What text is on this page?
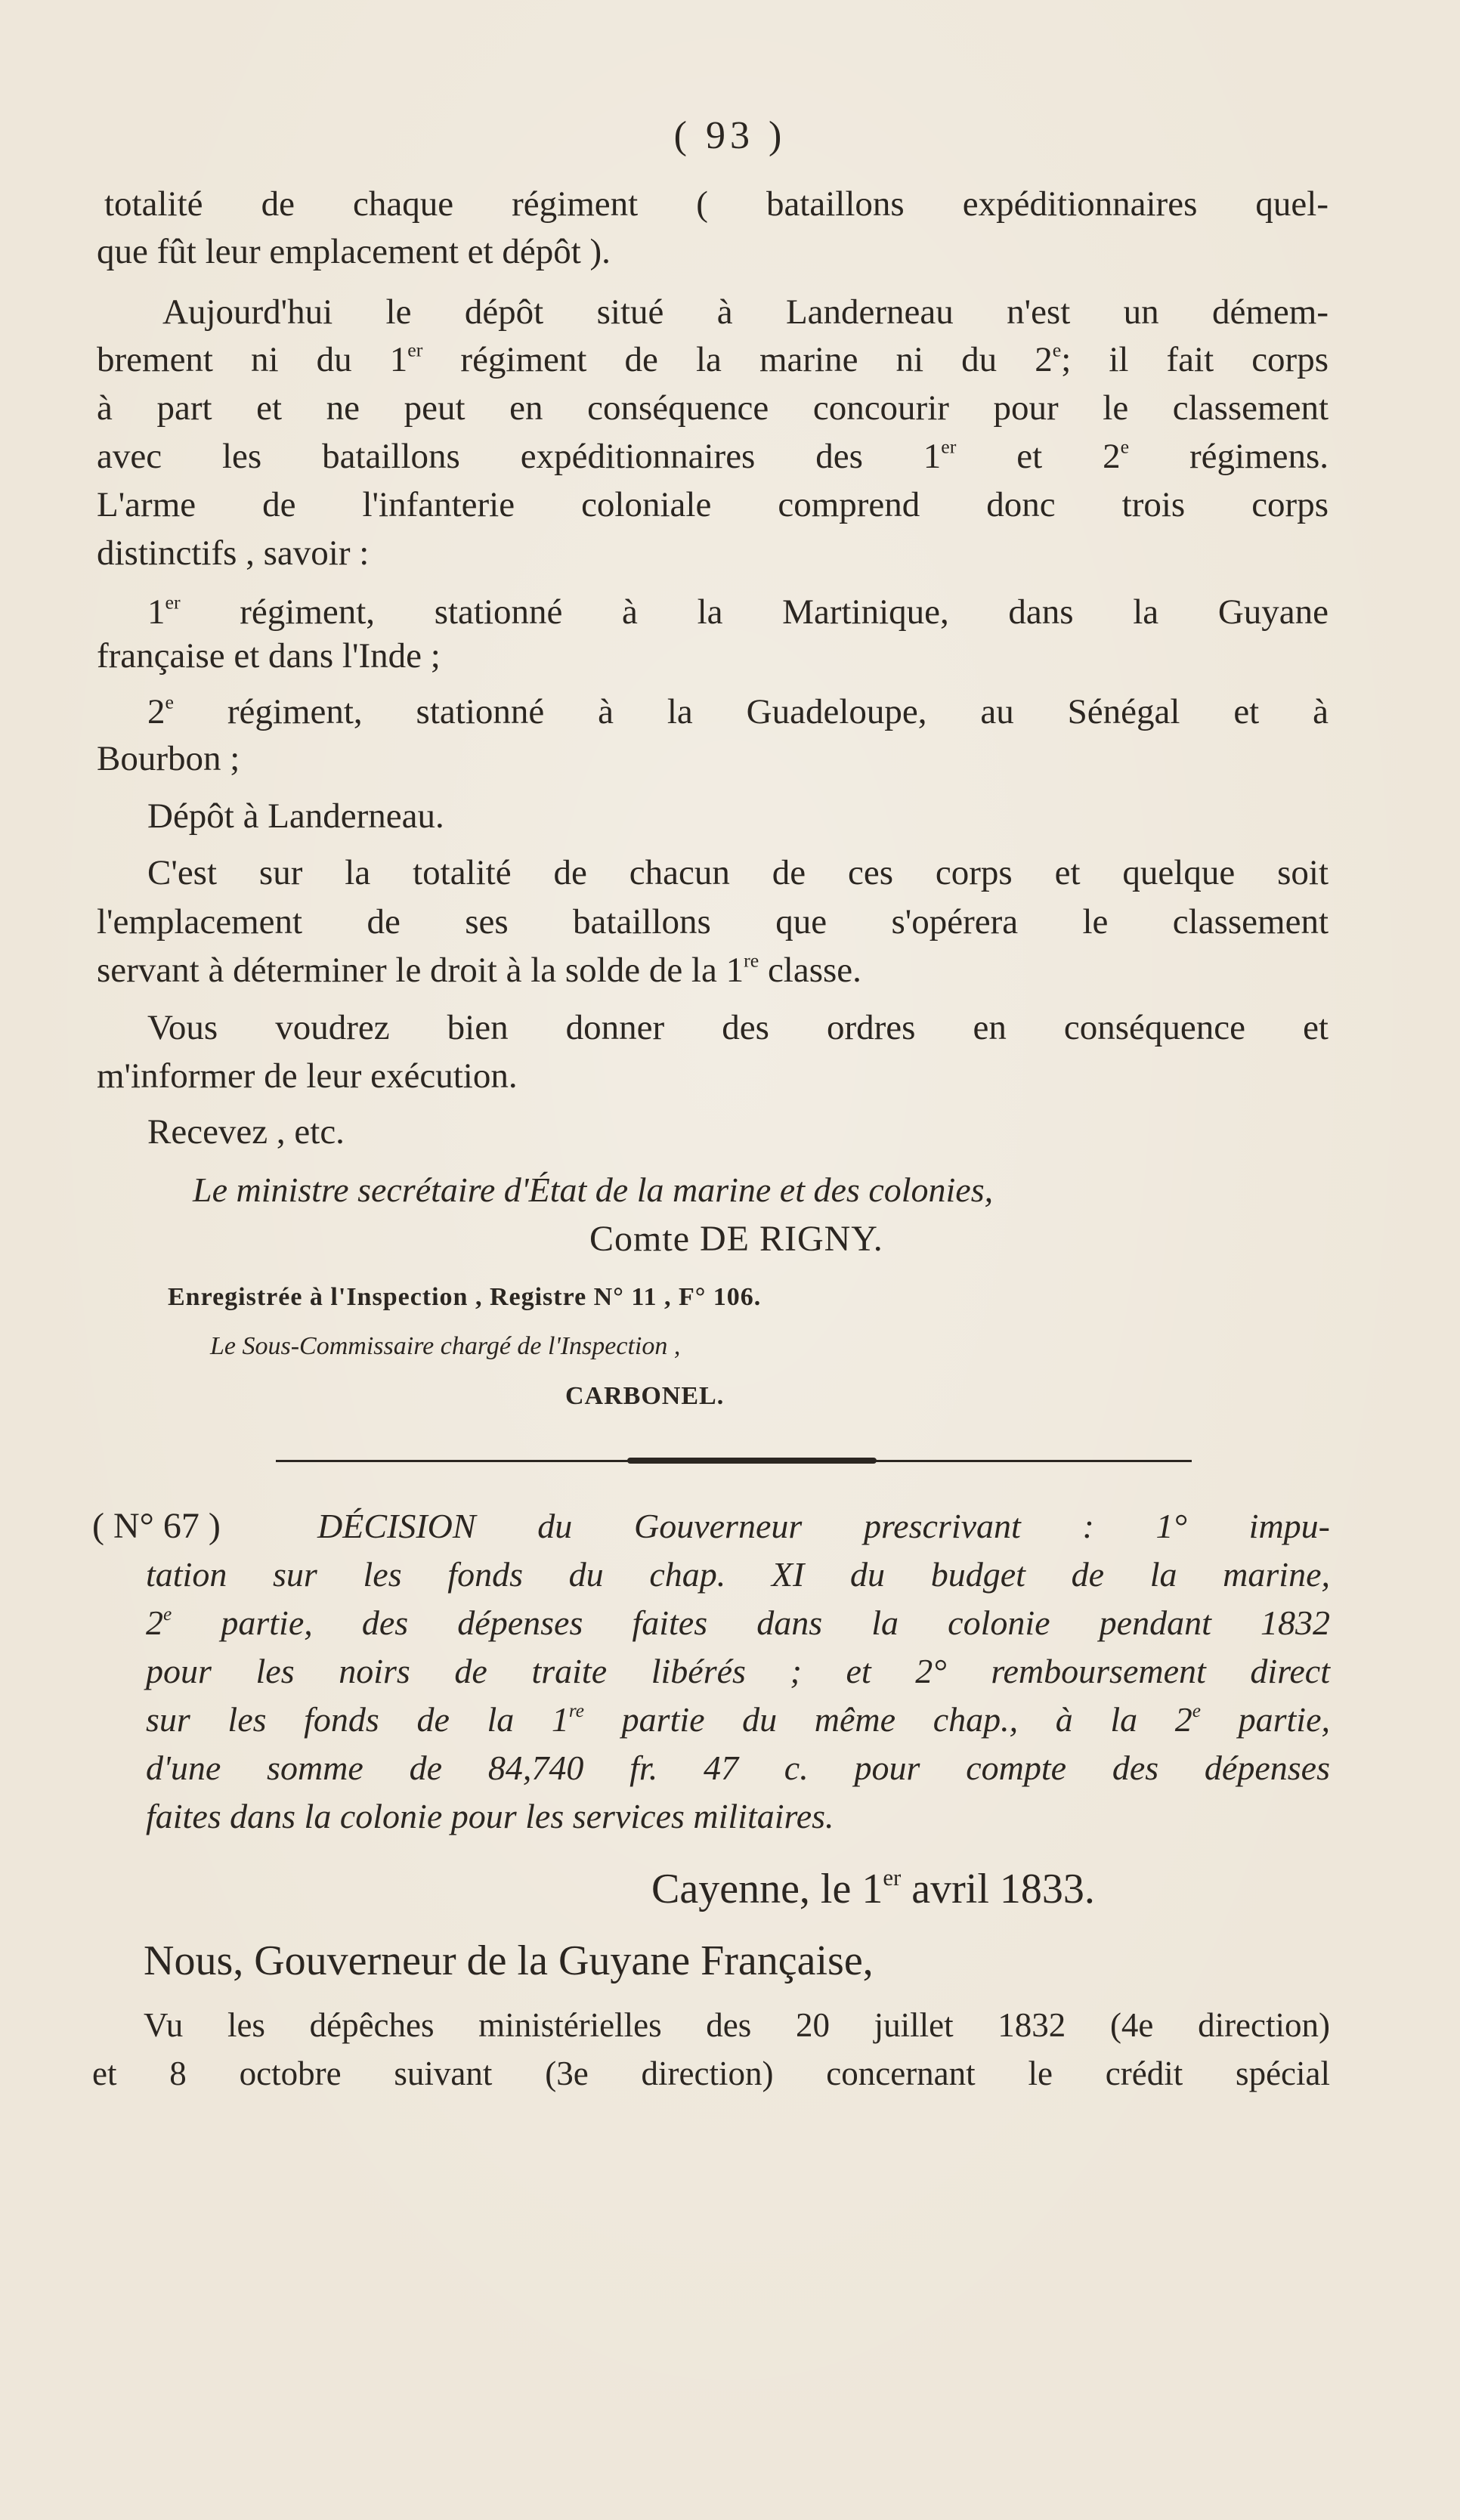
( 93 )
totalité de chaque régiment ( bataillons expéditionnaires quel-
que fût leur emplacement et dépôt ).
Aujourd'hui le dépôt situé à Landerneau n'est un démem-
brement ni du 1er régiment de la marine ni du 2e; il fait corps
à part et ne peut en conséquence concourir pour le classement
avec les bataillons expéditionnaires des 1er et 2e régimens.
L'arme de l'infanterie coloniale comprend donc trois corps
distinctifs , savoir :
1er régiment, stationné à la Martinique, dans la Guyane
française et dans l'Inde ;
2e régiment, stationné à la Guadeloupe, au Sénégal et à
Bourbon ;
Dépôt à Landerneau.
C'est sur la totalité de chacun de ces corps et quelque soit
l'emplacement de ses bataillons que s'opérera le classement
servant à déterminer le droit à la solde de la 1re classe.
Vous voudrez bien donner des ordres en conséquence et
m'informer de leur exécution.
Recevez , etc.
Le ministre secrétaire d'État de la marine et des colonies,
Comte DE RIGNY.
Enregistrée à l'Inspection , Registre N° 11 , F° 106.
Le Sous-Commissaire chargé de l'Inspection ,
CARBONEL.
( N° 67 )	DÉCISION du Gouverneur prescrivant : 1° impu-
tation sur les fonds du chap. XI du budget de la marine,
2e partie, des dépenses faites dans la colonie pendant 1832
pour les noirs de traite libérés ; et 2° remboursement direct
sur les fonds de la 1re partie du même chap., à la 2e partie,
d'une somme de 84,740 fr. 47 c. pour compte des dépenses
faites dans la colonie pour les services militaires.
Cayenne, le 1er avril 1833.
Nous, Gouverneur de la Guyane Française,
Vu les dépêches ministérielles des 20 juillet 1832 (4e direction)
et 8 octobre suivant (3e direction) concernant le crédit spécial
